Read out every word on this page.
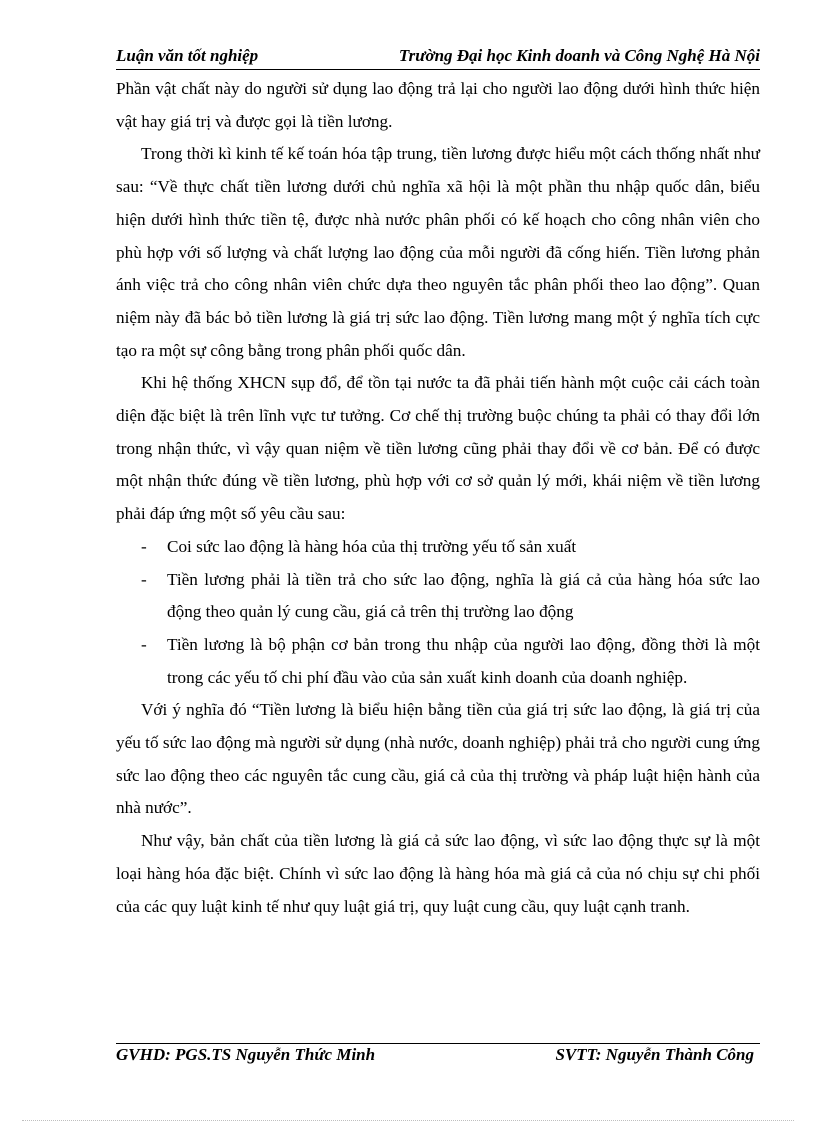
Luận văn tốt nghiệp	Trường Đại học Kinh doanh và Công Nghệ Hà Nội

Phần vật chất này do người sử dụng lao động trả lại cho người lao động dưới hình thức hiện vật hay giá trị và được gọi là tiền lương.

Trong thời kì kinh tế kế toán hóa tập trung, tiền lương được hiểu một cách thống nhất như sau: “Về thực chất tiền lương dưới chủ nghĩa xã hội là một phần thu nhập quốc dân, biểu hiện dưới hình thức tiền tệ, được nhà nước phân phối có kế hoạch cho công nhân viên cho phù hợp với số lượng và chất lượng lao động của mỗi người đã cống hiến. Tiền lương phản ánh việc trả cho công nhân viên chức dựa theo nguyên tắc phân phối theo lao động”. Quan niệm này đã bác bỏ tiền lương là giá trị sức lao động. Tiền lương mang một ý nghĩa tích cực tạo ra một sự công bằng trong phân phối quốc dân.

Khi hệ thống XHCN sụp đổ, để tồn tại nước ta đã phải tiến hành một cuộc cải cách toàn diện đặc biệt là trên lĩnh vực tư tưởng. Cơ chế thị trường buộc chúng ta phải có thay đổi lớn trong nhận thức, vì vậy quan niệm về tiền lương cũng phải thay đổi về cơ bản. Để có được một nhận thức đúng về tiền lương, phù hợp với cơ sở quản lý mới, khái niệm về tiền lương phải đáp ứng một số yêu cầu sau:

- Coi sức lao động là hàng hóa của thị trường yếu tố sản xuất
- Tiền lương phải là tiền trả cho sức lao động, nghĩa là giá cả của hàng hóa sức lao động theo quản lý cung cầu, giá cả trên thị trường lao động
- Tiền lương là bộ phận cơ bản trong thu nhập của người lao động, đồng thời là một trong các yếu tố chi phí đầu vào của sản xuất kinh doanh của doanh nghiệp.

Với ý nghĩa đó “Tiền lương là biểu hiện bằng tiền của giá trị sức lao động, là giá trị của yếu tố sức lao động mà người sử dụng (nhà nước, doanh nghiệp) phải trả cho người cung ứng sức lao động theo các nguyên tắc cung cầu, giá cả của thị trường và pháp luật hiện hành của nhà nước”.

Như vậy, bản chất của tiền lương là giá cả sức lao động, vì sức lao động thực sự là một loại hàng hóa đặc biệt. Chính vì sức lao động là hàng hóa mà giá cả của nó chịu sự chi phối của các quy luật kinh tế như quy luật giá trị, quy luật cung cầu, quy luật cạnh tranh.

GVHD: PGS.TS Nguyễn Thức Minh	SVTT: Nguyễn Thành Công
